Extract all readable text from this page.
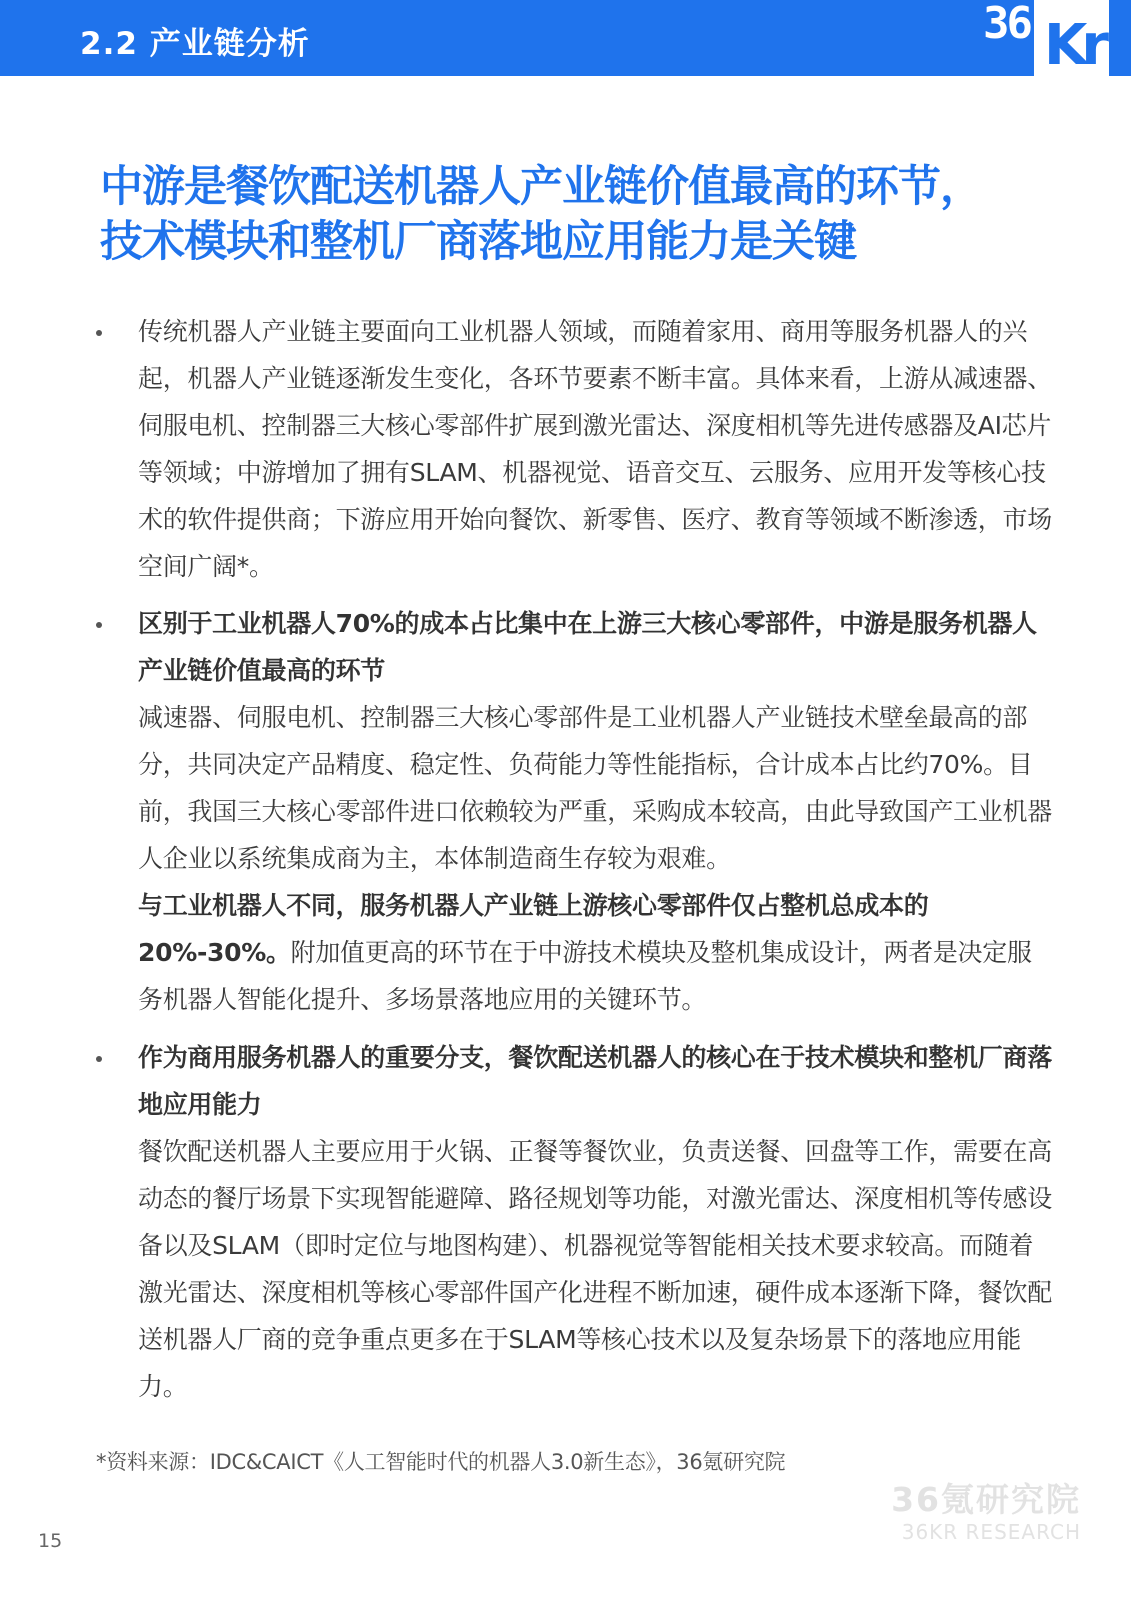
2.2 产业链分析	36 Kr
中游是餐饮配送机器人产业链价值最高的环节，
技术模块和整机厂商落地应用能力是关键

传统机器人产业链主要面向工业机器人领域，而随着家用、商用等服务机器人的兴起，机器人产业链逐渐发生变化，各环节要素不断丰富。具体来看，上游从减速器、伺服电机、控制器三大核心零部件扩展到激光雷达、深度相机等先进传感器及AI芯片等领域；中游增加了拥有SLAM、机器视觉、语音交互、云服务、应用开发等核心技术的软件提供商；下游应用开始向餐饮、新零售、医疗、教育等领域不断渗透，市场空间广阔*。

区别于工业机器人70%的成本占比集中在上游三大核心零部件，中游是服务机器人产业链价值最高的环节

减速器、伺服电机、控制器三大核心零部件是工业机器人产业链技术壁垒最高的部分，共同决定产品精度、稳定性、负荷能力等性能指标，合计成本占比约70%。目前，我国三大核心零部件进口依赖较为严重，采购成本较高，由此导致国产工业机器人企业以系统集成商为主，本体制造商生存较为艰难。

与工业机器人不同，服务机器人产业链上游核心零部件仅占整机总成本的20%-30%。附加值更高的环节在于中游技术模块及整机集成设计，两者是决定服务机器人智能化提升、多场景落地应用的关键环节。

作为商用服务机器人的重要分支，餐饮配送机器人的核心在于技术模块和整机厂商落地应用能力

餐饮配送机器人主要应用于火锅、正餐等餐饮业，负责送餐、回盘等工作，需要在高动态的餐厅场景下实现智能避障、路径规划等功能，对激光雷达、深度相机等传感设备以及SLAM（即时定位与地图构建）、机器视觉等智能相关技术要求较高。而随着激光雷达、深度相机等核心零部件国产化进程不断加速，硬件成本逐渐下降，餐饮配送机器人厂商的竞争重点更多在于SLAM等核心技术以及复杂场景下的落地应用能力。

*资料来源：IDC&CAICT《人工智能时代的机器人3.0新生态》，36氪研究院
36氪研究院
36KR RESEARCH
15
